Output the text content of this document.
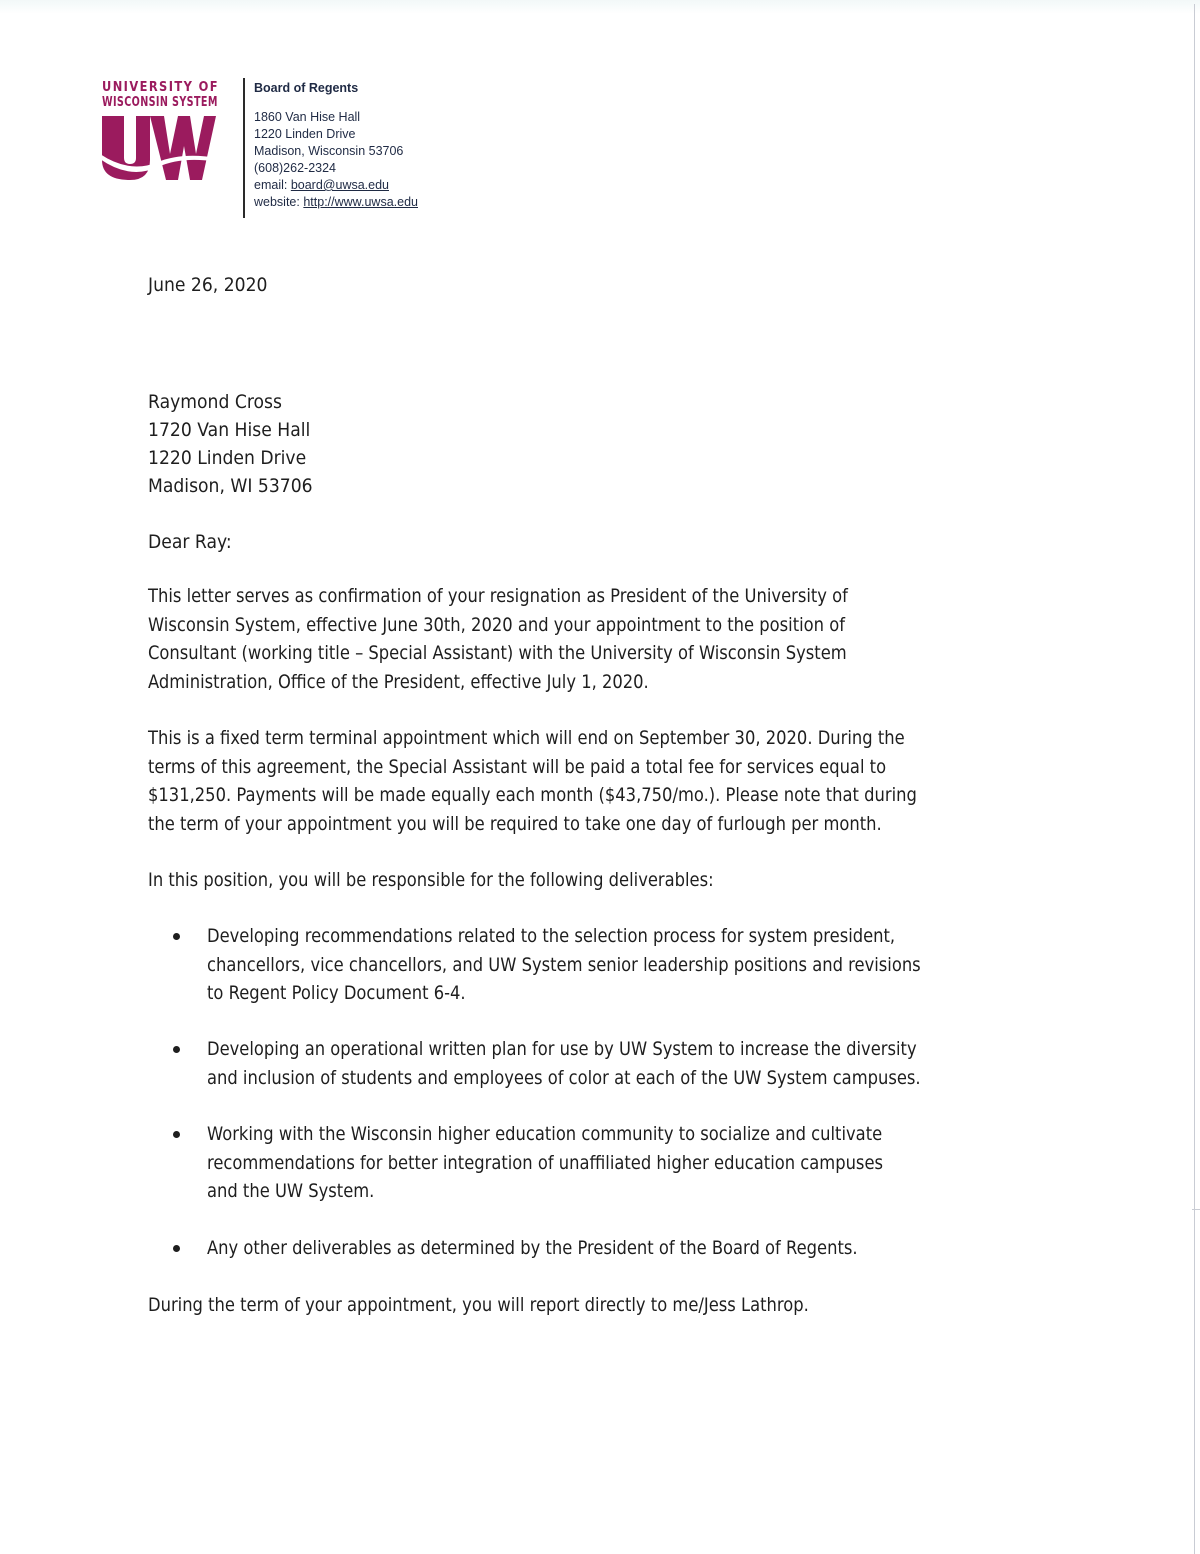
UNIVERSITY OF
WISCONSIN SYSTEM
Board of Regents
1860 Van Hise Hall
1220 Linden Drive
Madison, Wisconsin 53706
(608)262-2324
email: board@uwsa.edu
website: http://www.uwsa.edu
June 26, 2020
Raymond Cross
1720 Van Hise Hall
1220 Linden Drive
Madison, WI 53706
Dear Ray:
This letter serves as confirmation of your resignation as President of the University of
Wisconsin System, effective June 30th, 2020 and your appointment to the position of
Consultant (working title – Special Assistant) with the University of Wisconsin System
Administration, Office of the President, effective July 1, 2020.
This is a fixed term terminal appointment which will end on September 30, 2020. During the
terms of this agreement, the Special Assistant will be paid a total fee for services equal to
$131,250. Payments will be made equally each month ($43,750/mo.). Please note that during
the term of your appointment you will be required to take one day of furlough per month.
In this position, you will be responsible for the following deliverables:
Developing recommendations related to the selection process for system president,
chancellors, vice chancellors, and UW System senior leadership positions and revisions
to Regent Policy Document 6-4.
Developing an operational written plan for use by UW System to increase the diversity
and inclusion of students and employees of color at each of the UW System campuses.
Working with the Wisconsin higher education community to socialize and cultivate
recommendations for better integration of unaffiliated higher education campuses
and the UW System.
Any other deliverables as determined by the President of the Board of Regents.
During the term of your appointment, you will report directly to me/Jess Lathrop.
